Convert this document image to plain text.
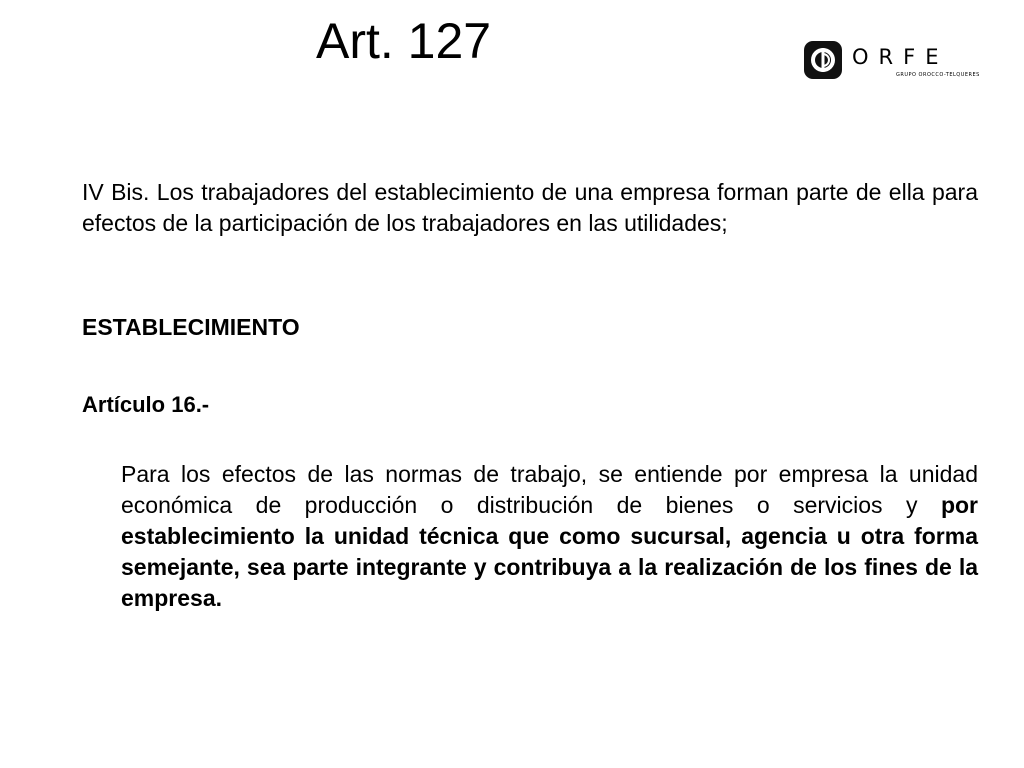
Art. 127	ORFE
GRUPO OROCCO-TELQUERES

IV Bis. Los trabajadores del establecimiento de una empresa forman parte de ella para efectos de la participación de los trabajadores en las utilidades;

ESTABLECIMIENTO

Artículo 16.-

Para los efectos de las normas de trabajo, se entiende por empresa la unidad económica de producción o distribución de bienes o servicios y por establecimiento la unidad técnica que como sucursal, agencia u otra forma semejante, sea parte integrante y contribuya a la realización de los fines de la empresa.
